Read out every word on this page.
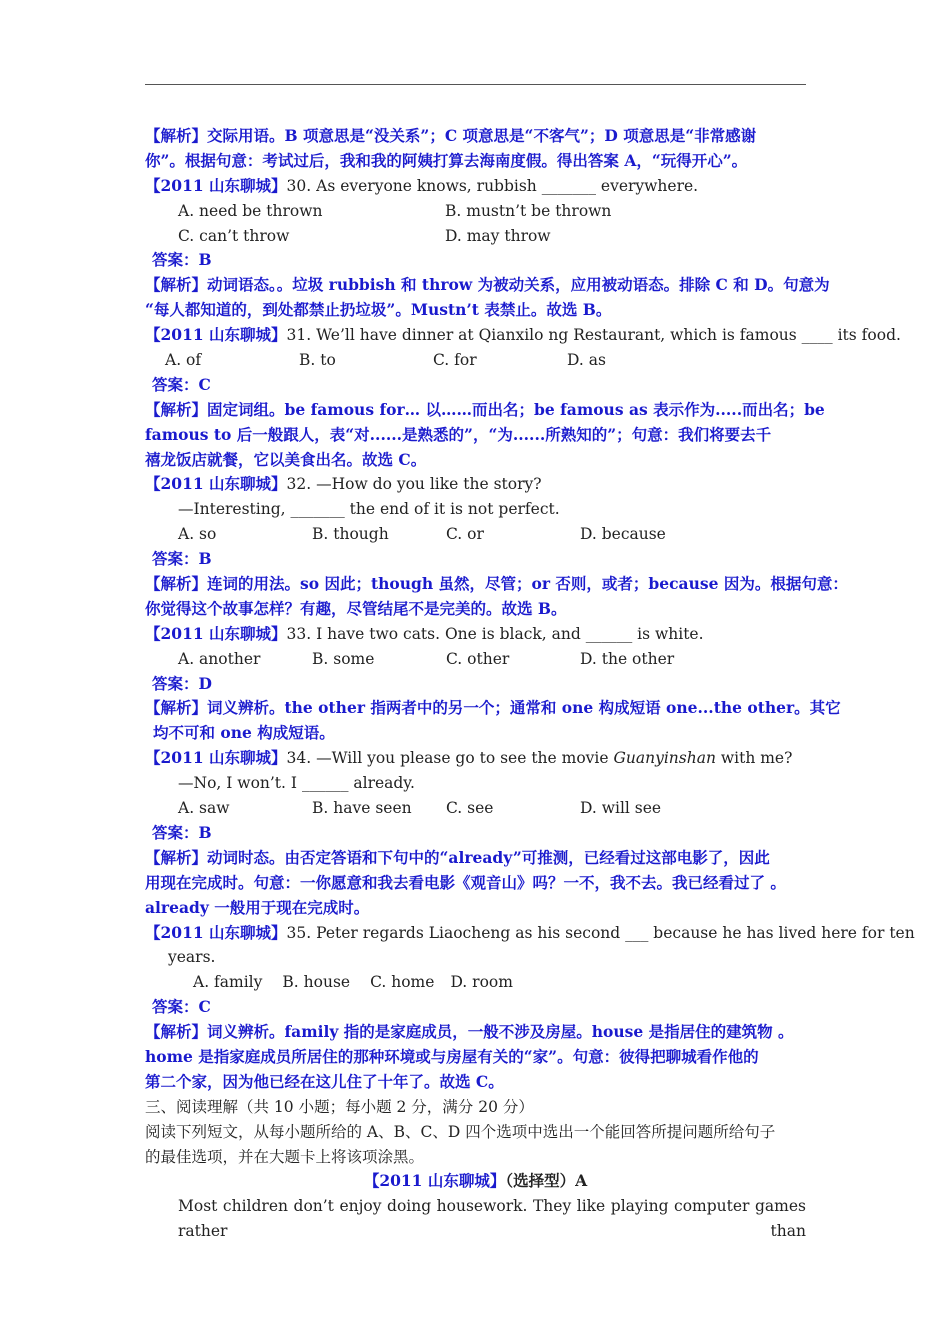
【解析】交际用语。B 项意思是“没关系”；C 项意思是“不客气”；D 项意思是“非常感谢
你”。根据句意：考试过后，我和我的阿姨打算去海南度假。得出答案 A，“玩得开心”。
【2011 山东聊城】30. As everyone knows, rubbish _______ everywhere.
A. need be thrown	B. mustn’t be thrown
C. can’t throw	D. may throw
答案：B
【解析】动词语态。。垃圾 rubbish 和 throw 为被动关系，应用被动语态。排除 C 和 D。句意为
“每人都知道的，到处都禁止扔垃圾”。Mustn’t 表禁止。故选 B。
【2011 山东聊城】31. We’ll have dinner at Qianxilo ng Restaurant, which is famous ____ its food.
A. of	B. to	C. for	D. as
答案：C
【解析】固定词组。be famous for… 以……而出名；be famous as 表示作为.....而出名；be
famous to 后一般跟人，表“对......是熟悉的”，“为......所熟知的”；句意：我们将要去千
禧龙饭店就餐，它以美食出名。故选 C。
【2011 山东聊城】32. —How do you like the story?
—Interesting, _______ the end of it is not perfect.
A. so	B. though	C. or	D. because
答案：B
【解析】连词的用法。so 因此；though 虽然，尽管；or 否则，或者；because 因为。根据句意：
你觉得这个故事怎样？有趣，尽管结尾不是完美的。故选 B。
【2011 山东聊城】33. I have two cats. One is black, and ______ is white.
A. another	B. some	C. other	D. the other
答案：D
【解析】词义辨析。the other 指两者中的另一个；通常和 one 构成短语 one...the other。其它
均不可和 one 构成短语。
【2011 山东聊城】34. —Will you please go to see the movie Guanyinshan with me?
—No, I won’t. I ______ already.
A. saw	B. have seen	C. see	D. will see
答案：B
【解析】动词时态。由否定答语和下句中的“already”可推测，已经看过这部电影了，因此
用现在完成时。句意：一你愿意和我去看电影《观音山》吗？一不，我不去。我已经看过了 。
already 一般用于现在完成时。
【2011 山东聊城】35. Peter regards Liaocheng as his second ___ because he has lived here for ten
years.
A. family B. house C. home D. room
答案：C
【解析】词义辨析。family 指的是家庭成员，一般不涉及房屋。house 是指居住的建筑物 。
home 是指家庭成员所居住的那种环境或与房屋有关的“家”。句意：彼得把聊城看作他的
第二个家，因为他已经在这儿住了十年了。故选 C。
三、阅读理解（共 10 小题；每小题 2 分，满分 20 分）
阅读下列短文，从每小题所给的 A、B、C、D 四个选项中选出一个能回答所提问题所给句子
的最佳选项，并在大题卡上将该项涂黑。
【2011 山东聊城】（选择型）A
Most children don’t enjoy doing housework. They like playing computer games rather than
